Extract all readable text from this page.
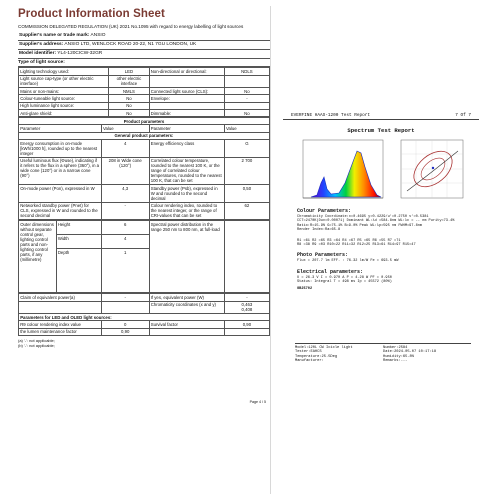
Product Information Sheet
COMMISSION DELEGATED REGULATION (UK) 2021 No.1095 with regard to energy labelling of light sources
Supplier's name or trade mark: ANSIO
Supplier's address: ANSIO LTD, WENLOCK ROAD 20-22, N1 7GU LONDON, UK
Model identifier: YL4-120CICW-32GR
Type of light source:
Lighting technology used:	LED	Non-directional or directional:	NDLS
Light source cap-type (or other electric interface)	other electric interface		
Mains or non-mains:	NMLS	Connected light source (CLS):	No
Colour-tuneable light source:	No	Envelope:	-
High luminance light source:	No		
Anti-glare shield:	No	Dimmable:	No
Product parameters			
Parameter	Value	Parameter	Value
General product parameters:			
Energy consumption in on-mode [kWh/1000 h], rounded up to the nearest integer	4	Energy efficiency class	G
Useful luminous flux (Φuse), indicating if it refers to the flux in a sphere (360°), in a wide cone (120°) or in a narrow cone (90°)	208 in Wide cone (120°)	Correlated colour temperature, rounded to the nearest 100 K, or the range of correlated colour temperatures, rounded to the nearest 100 K, that can be set	2 700
On-mode power (Pon), expressed in W	4,3	Standby power (Psb), expressed in W and rounded to the second decimal	0,50
Networked standby power (Pnet) for CLS, expressed in W and rounded to the second decimal	-	Colour rendering index, rounded to the nearest integer, or the range of CRI-values that can be set	62
Outer dimensions without separate control gear, lighting control parts and non-lighting control parts, if any (millimetre)	Height	6	Spectral power distribution in the range 250 nm to 800 nm, at full-load	
	Width	4		
	Depth	1		
Claim of equivalent power(a)	-	If yes, equivalent power (W)	-
		Chromaticity coordinates (x and y)	0,463
0,408
Parameters for LED and OLED light sources:			
R9 colour rendering index value	0	Survival factor	0,90
the lumen maintenance factor	0,90		
(a) '-': not applicable;
(b) '-': not applicable;
Page 4 / 5
EVERFINE HAAS-1200 Test Report	7 Of 7
Spectrum Test Report
Colour Parameters:
Chromaticity Coordinate:x=0.4695 y=0.4229/u'=0.2750 v'=0.5381
CCT=2470K(Duv=0.00071) Dominant WL:λd =584.8nm WL:λc = -- nm Purity=73.4%
Ratio:R=15.9% G=75.1% B=9.0% Peak WL:λp=595 nm FWHM=97.8nm
Render Index:Ra=65.8
R1 =61 R2 =65 R3 =64 R4 =67 R5 =65 R6 =55 R7 =71
R8 =38 R9 =03 R10=22 R11=32 R12=25 R13=61 R14=97 R15=47
Photo Parameters:
Flux = 207.7 lm EFF. : 76.32 lm/W Fe = 693.5 mW
Electrical parameters:
U = 26.3 V I = 0.970 A P = 4.28 W PF = 0.950
Status: Integral T = 498 ms Ip = 45572 (80%)
GB25702
Model:120L CW Icicle light	Number:2584
Tester:EAHCS	Date:2024-05-07 10:17:18
Temperature:25.5Deg	Humidity:65.8%
Manufacturer:	Remarks:---
